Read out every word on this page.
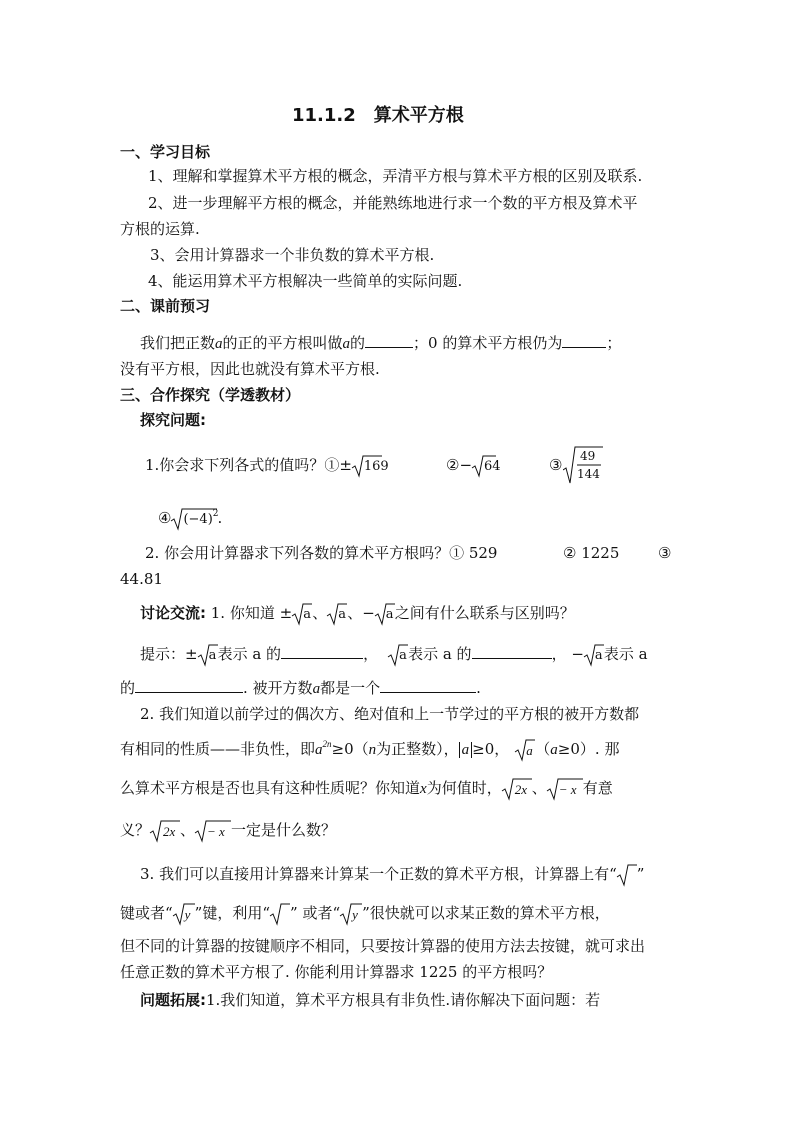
11.1.2　算术平方根
一、学习目标
1、理解和掌握算术平方根的概念，弄清平方根与算术平方根的区别及联系.
2、进一步理解平方根的概念，并能熟练地进行求一个数的平方根及算术平
方根的运算.
3、会用计算器求一个非负数的算术平方根.
4、能运用算术平方根解决一些简单的实际问题.
二、课前预习
我们把正数a的正的平方根叫做a的	；0 的算术平方根仍为	；
没有平方根，因此也就没有算术平方根.
三、合作探究（学透教材）
探究问题:
1.你会求下列各式的值吗？①± 169	②− 64	③ 49
144
④ $(-4)^2$
.
2. 你会用计算器求下列各数的算术平方根吗？① 529	② 1225	③
44.81
讨论交流: 1. 你知道 ± a 、 a 、− a 之间有什么联系与区别吗？
提示：± a 表示 a 的	， a 表示 a 的	， − a 表示 a
的	. 被开方数a都是一个	.
2. 我们知道以前学过的偶次方、绝对值和上一节学过的平方根的被开方数都
有相同的性质——非负性，即$a^{2n}\ge 0(n$为正整数）， a ≥0， a （a≥0）. 那
么算术平方根是否也具有这种性质呢？你知道x为何值时， 2x 、 − x 有意
义？ 2x 、 − x 一定是什么数？
3. 我们可以直接用计算器来计算某一个正数的算术平方根，计算器上有“ ”
键或者“ y ”键，利用“ ” 或者“ y ”很快就可以求某正数的算术平方根，
但不同的计算器的按键顺序不相同，只要按计算器的使用方法去按键，就可求出
任意正数的算术平方根了. 你能利用计算器求 1225 的平方根吗？
问题拓展:1.我们知道，算术平方根具有非负性.请你解决下面问题：若
